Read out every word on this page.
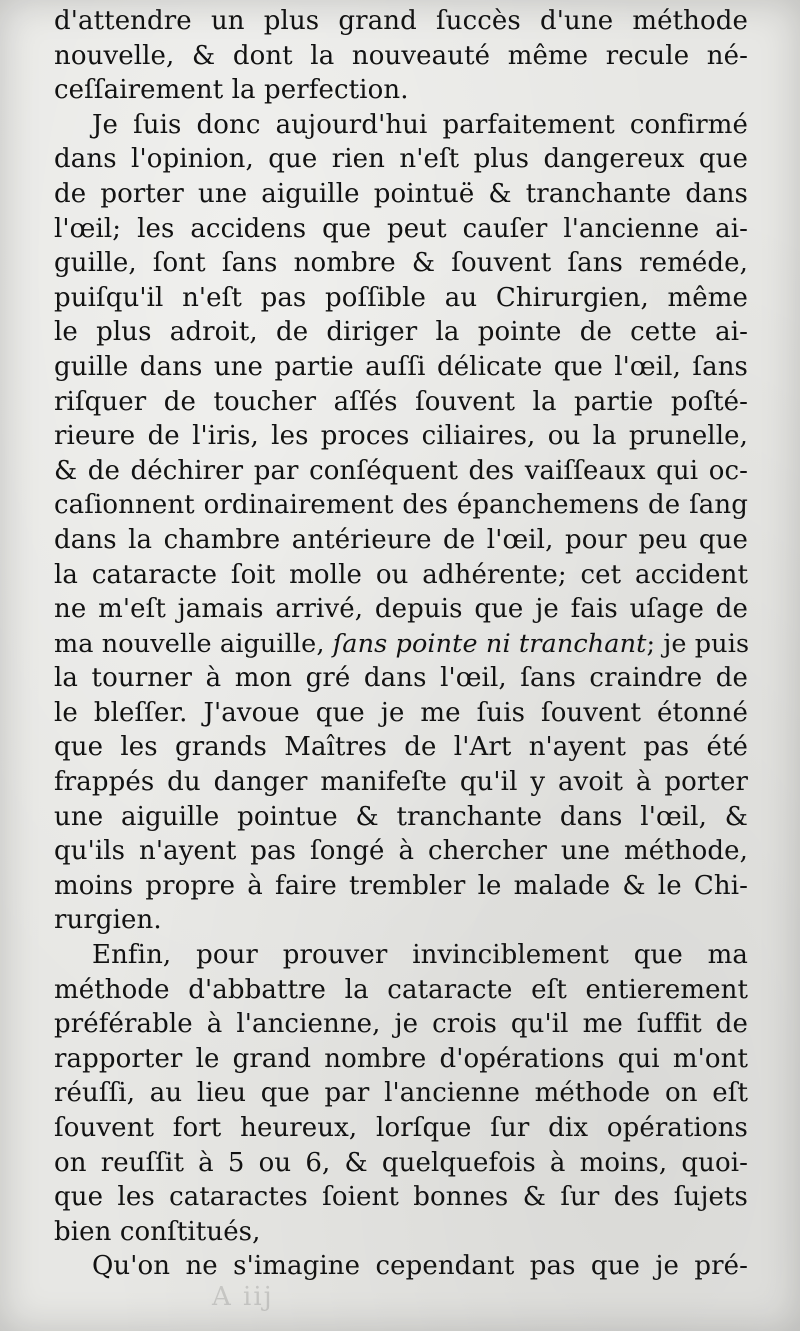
d'attendre un plus grand ſuccès d'une méthode
nouvelle, & dont la nouveauté même recule né-
ceſſairement la perfection.
Je ſuis donc aujourd'hui parfaitement confirmé
dans l'opinion, que rien n'eſt plus dangereux que
de porter une aiguille pointuë & tranchante dans
l'œil; les accidens que peut cauſer l'ancienne ai-
guille, ſont ſans nombre & ſouvent ſans reméde,
puiſqu'il n'eſt pas poſſible au Chirurgien, même
le plus adroit, de diriger la pointe de cette ai-
guille dans une partie auſſi délicate que l'œil, ſans
riſquer de toucher aſſés ſouvent la partie poſté-
rieure de l'iris, les proces ciliaires, ou la prunelle,
& de déchirer par conſéquent des vaiſſeaux qui oc-
caſionnent ordinairement des épanchemens de ſang
dans la chambre antérieure de l'œil, pour peu que
la cataracte ſoit molle ou adhérente; cet accident
ne m'eſt jamais arrivé, depuis que je fais uſage de
ma nouvelle aiguille, ſans pointe ni tranchant; je puis
la tourner à mon gré dans l'œil, ſans craindre de
le bleſſer. J'avoue que je me ſuis ſouvent étonné
que les grands Maîtres de l'Art n'ayent pas été
frappés du danger manifeſte qu'il y avoit à porter
une aiguille pointue & tranchante dans l'œil, &
qu'ils n'ayent pas ſongé à chercher une méthode,
moins propre à faire trembler le malade & le Chi-
rurgien.
Enfin, pour prouver invinciblement que ma
méthode d'abbattre la cataracte eſt entierement
préférable à l'ancienne, je crois qu'il me ſuffit de
rapporter le grand nombre d'opérations qui m'ont
réuſſi, au lieu que par l'ancienne méthode on eſt
ſouvent fort heureux, lorſque ſur dix opérations
on reuſſit à 5 ou 6, & quelquefois à moins, quoi-
que les cataractes ſoient bonnes & ſur des ſujets
bien conſtitués,
Qu'on ne s'imagine cependant pas que je pré-
A iij
